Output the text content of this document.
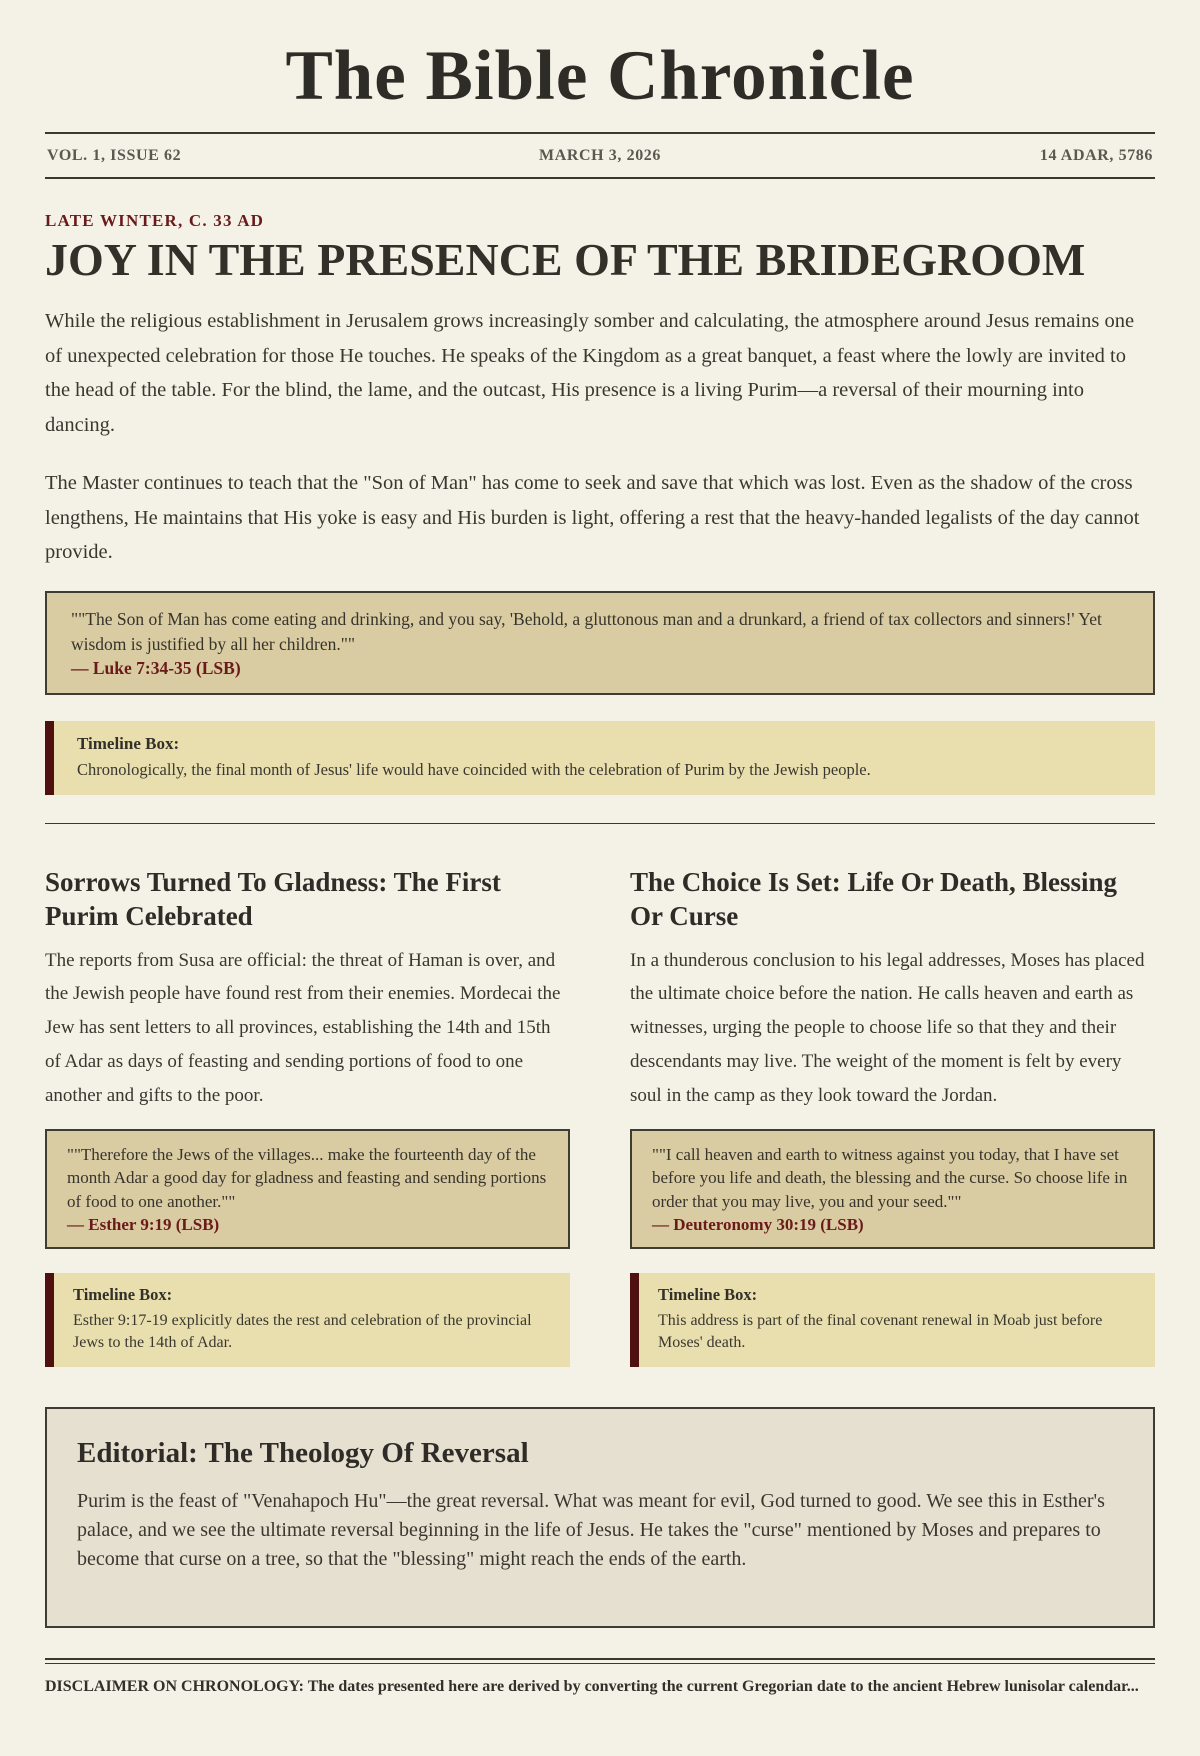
The Bible Chronicle
VOL. 1, ISSUE 62	MARCH 3, 2026	14 ADAR, 5786
LATE WINTER, C. 33 AD
JOY IN THE PRESENCE OF THE BRIDEGROOM

While the religious establishment in Jerusalem grows increasingly somber and calculating, the atmosphere around Jesus remains one of unexpected celebration for those He touches. He speaks of the Kingdom as a great banquet, a feast where the lowly are invited to the head of the table. For the blind, the lame, and the outcast, His presence is a living Purim—a reversal of their mourning into dancing.

The Master continues to teach that the "Son of Man" has come to seek and save that which was lost. Even as the shadow of the cross lengthens, He maintains that His yoke is easy and His burden is light, offering a rest that the heavy-handed legalists of the day cannot provide.

""The Son of Man has come eating and drinking, and you say, 'Behold, a gluttonous man and a drunkard, a friend of tax collectors and sinners!' Yet wisdom is justified by all her children.""

— Luke 7:34-35 (LSB)

Timeline Box:
Chronologically, the final month of Jesus' life would have coincided with the celebration of Purim by the Jewish people.
Sorrows Turned To Gladness: The First Purim Celebrated

The reports from Susa are official: the threat of Haman is over, and the Jewish people have found rest from their enemies. Mordecai the Jew has sent letters to all provinces, establishing the 14th and 15th of Adar as days of feasting and sending portions of food to one another and gifts to the poor.

""Therefore the Jews of the villages... make the fourteenth day of the month Adar a good day for gladness and feasting and sending portions of food to one another.""

— Esther 9:19 (LSB)

Timeline Box:
Esther 9:17-19 explicitly dates the rest and celebration of the provincial Jews to the 14th of Adar.
The Choice Is Set: Life Or Death, Blessing Or Curse

In a thunderous conclusion to his legal addresses, Moses has placed the ultimate choice before the nation. He calls heaven and earth as witnesses, urging the people to choose life so that they and their descendants may live. The weight of the moment is felt by every soul in the camp as they look toward the Jordan.

""I call heaven and earth to witness against you today, that I have set before you life and death, the blessing and the curse. So choose life in order that you may live, you and your seed.""

— Deuteronomy 30:19 (LSB)

Timeline Box:
This address is part of the final covenant renewal in Moab just before Moses' death.
Editorial: The Theology Of Reversal

Purim is the feast of "Venahapoch Hu"—the great reversal. What was meant for evil, God turned to good. We see this in Esther's palace, and we see the ultimate reversal beginning in the life of Jesus. He takes the "curse" mentioned by Moses and prepares to become that curse on a tree, so that the "blessing" might reach the ends of the earth.

DISCLAIMER ON CHRONOLOGY: The dates presented here are derived by converting the current Gregorian date to the ancient Hebrew lunisolar calendar...
